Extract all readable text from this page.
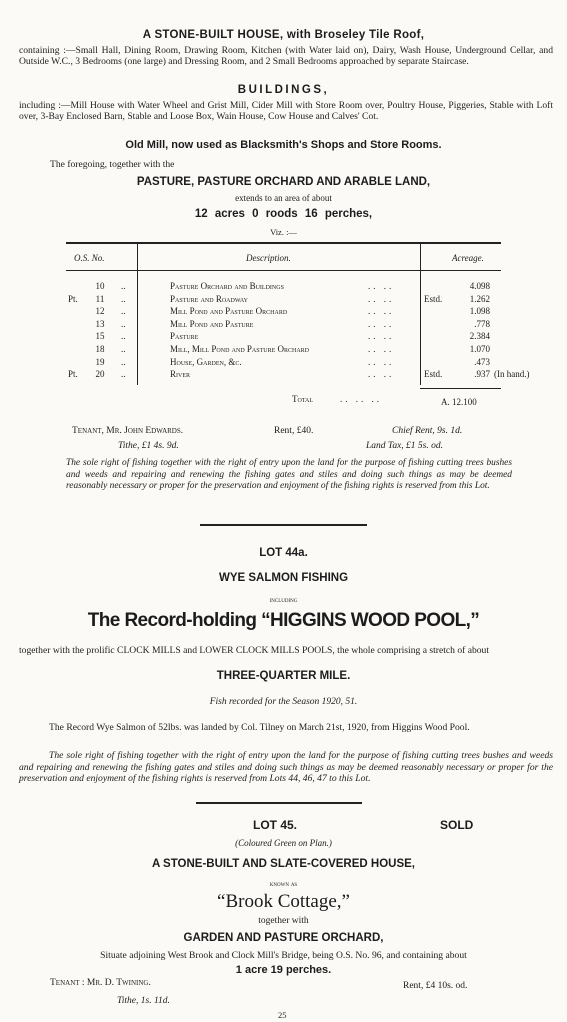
A STONE-BUILT HOUSE, with Broseley Tile Roof,
containing :—Small Hall, Dining Room, Drawing Room, Kitchen (with Water laid on), Dairy, Wash House, Underground Cellar, and Outside W.C., 3 Bedrooms (one large) and Dressing Room, and 2 Small Bedrooms approached by separate Staircase.
BUILDINGS,
including :—Mill House with Water Wheel and Grist Mill, Cider Mill with Store Room over, Poultry House, Piggeries, Stable with Loft over, 3-Bay Enclosed Barn, Stable and Loose Box, Wain House, Cow House and Calves' Cot.
Old Mill, now used as Blacksmith's Shops and Store Rooms.
The foregoing, together with the
PASTURE, PASTURE ORCHARD AND ARABLE LAND,
extends to an area of about
12 acres 0 roods 16 perches,
Viz. :—
O.S. No.	Description.	Acreage.
10	..	Pasture Orchard and Buildings	.. ..	4.098
Pt.	11	..	Pasture and Roadway	.. ..	Estd.	1.262
12	..	Mill Pond and Pasture Orchard	.. ..	1.098
13	..	Mill Pond and Pasture	.. ..	.778
15	..	Pasture	.. ..	2.384
18	..	Mill, Mill Pond and Pasture Orchard	.. ..	1.070
19	..	House, Garden, &c.	.. ..	.473
Pt.	20	..	River	.. ..	Estd.	.937 (In hand.)
Total	.. .. ..	A. 12.100
Tenant, Mr. John Edwards.	Rent, £40.	Chief Rent, 9s. 1d.
Tithe, £1 4s. 9d.	Land Tax, £1 5s. od.
The sole right of fishing together with the right of entry upon the land for the purpose of fishing cutting trees bushes and weeds and repairing and renewing the fishing gates and stiles and doing such things as may be deemed reasonably necessary or proper for the preservation and enjoyment of the fishing rights is reserved from this Lot.
LOT 44a.
WYE SALMON FISHING
including
The Record-holding “HIGGINS WOOD POOL,”
together with the prolific CLOCK MILLS and LOWER CLOCK MILLS POOLS, the whole comprising a stretch of about
THREE-QUARTER MILE.
Fish recorded for the Season 1920, 51.
The Record Wye Salmon of 52lbs. was landed by Col. Tilney on March 21st, 1920, from Higgins Wood Pool.
The sole right of fishing together with the right of entry upon the land for the purpose of fishing cutting trees bushes and weeds and repairing and renewing the fishing gates and stiles and doing such things as may be deemed reasonably necessary or proper for the preservation and enjoyment of the fishing rights is reserved from Lots 44, 46, 47 to this Lot.
LOT 45.	SOLD
(Coloured Green on Plan.)
A STONE-BUILT AND SLATE-COVERED HOUSE,
known as
“Brook Cottage,”
together with
GARDEN AND PASTURE ORCHARD,
Situate adjoining West Brook and Clock Mill's Bridge, being O.S. No. 96, and containing about
1 acre 19 perches.
Tenant : Mr. D. Twining.	Rent, £4 10s. od.
Tithe, 1s. 11d.
25
